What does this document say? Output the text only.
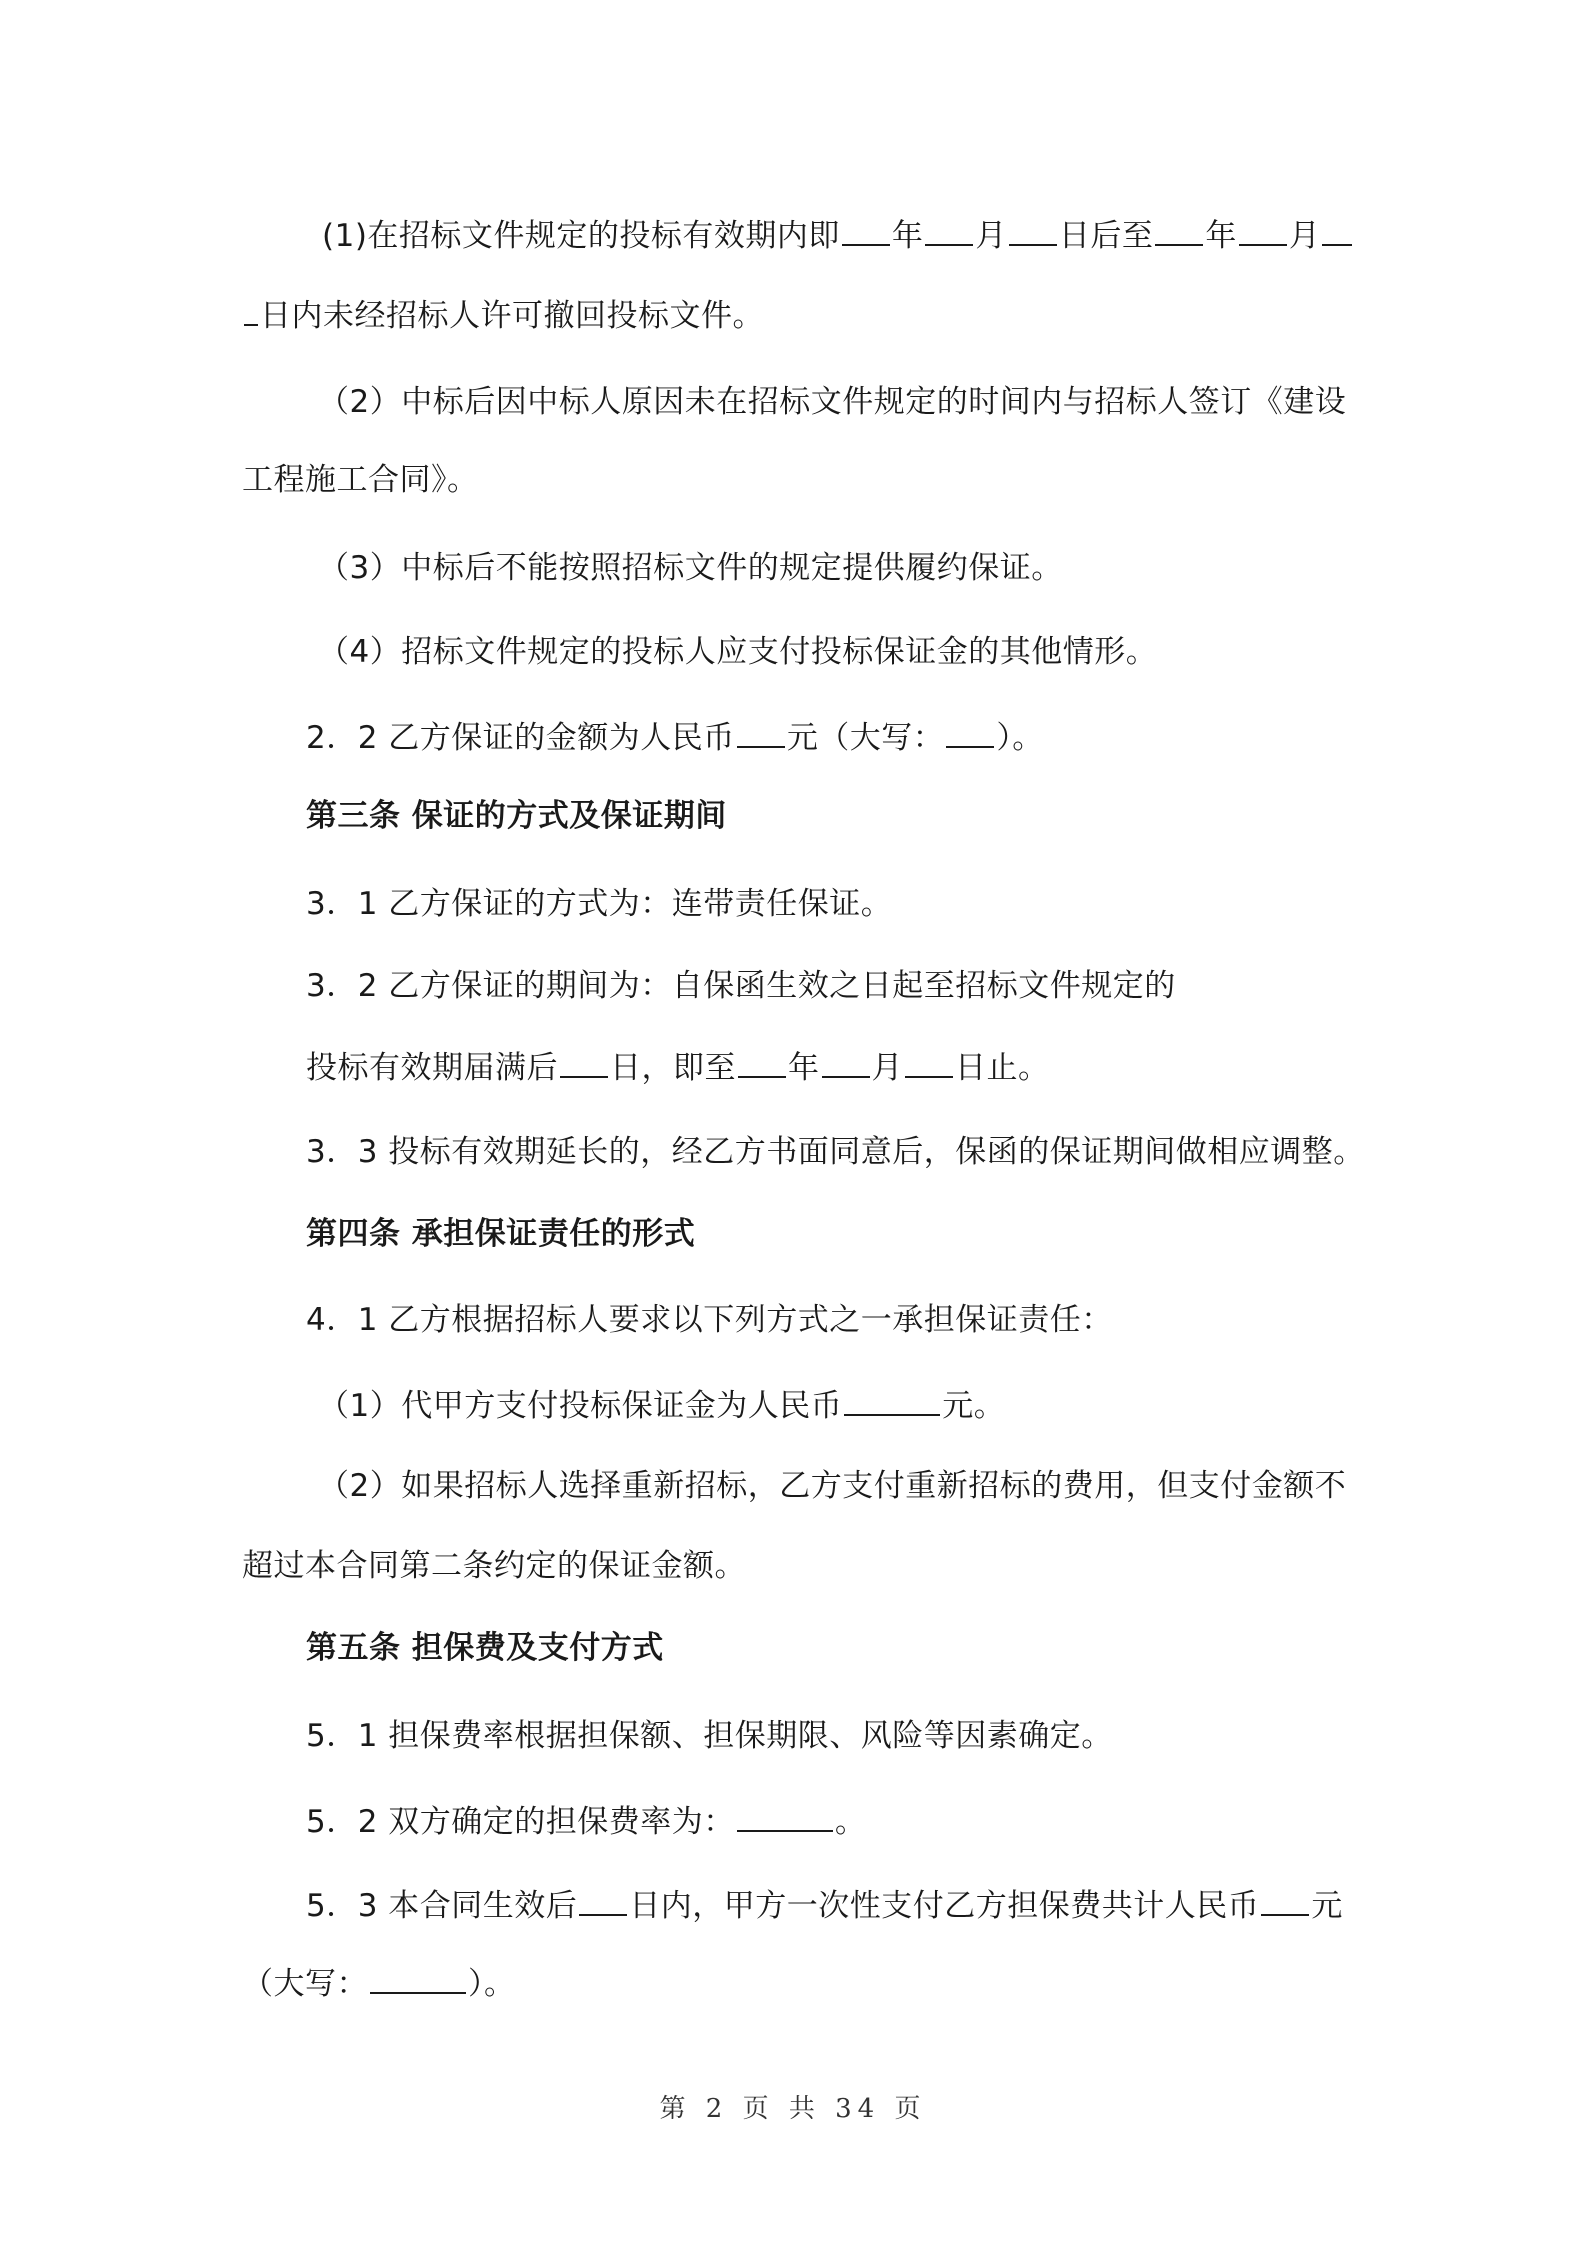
(1)在招标文件规定的投标有效期内即 年 月 日后至 年 月
日内未经招标人许可撤回投标文件。
（2）中标后因中标人原因未在招标文件规定的时间内与招标人签订《建设
工程施工合同》。
（3）中标后不能按照招标文件的规定提供履约保证。
（4）招标文件规定的投标人应支付投标保证金的其他情形。
2．2 乙方保证的金额为人民币 元（大写： ）。
第三条 保证的方式及保证期间
3．1 乙方保证的方式为：连带责任保证。
3．2 乙方保证的期间为：自保函生效之日起至招标文件规定的
投标有效期届满后 日，即至 年 月 日止。
3．3 投标有效期延长的，经乙方书面同意后，保函的保证期间做相应调整。
第四条 承担保证责任的形式
4．1 乙方根据招标人要求以下列方式之一承担保证责任：
（1）代甲方支付投标保证金为人民币	元。
（2）如果招标人选择重新招标，乙方支付重新招标的费用，但支付金额不
超过本合同第二条约定的保证金额。
第五条 担保费及支付方式
5．1 担保费率根据担保额、担保期限、风险等因素确定。
5．2 双方确定的担保费率为：	。
5．3 本合同生效后 日内，甲方一次性支付乙方担保费共计人民币 元
（大写：	）。
第 2 页 共 34 页
